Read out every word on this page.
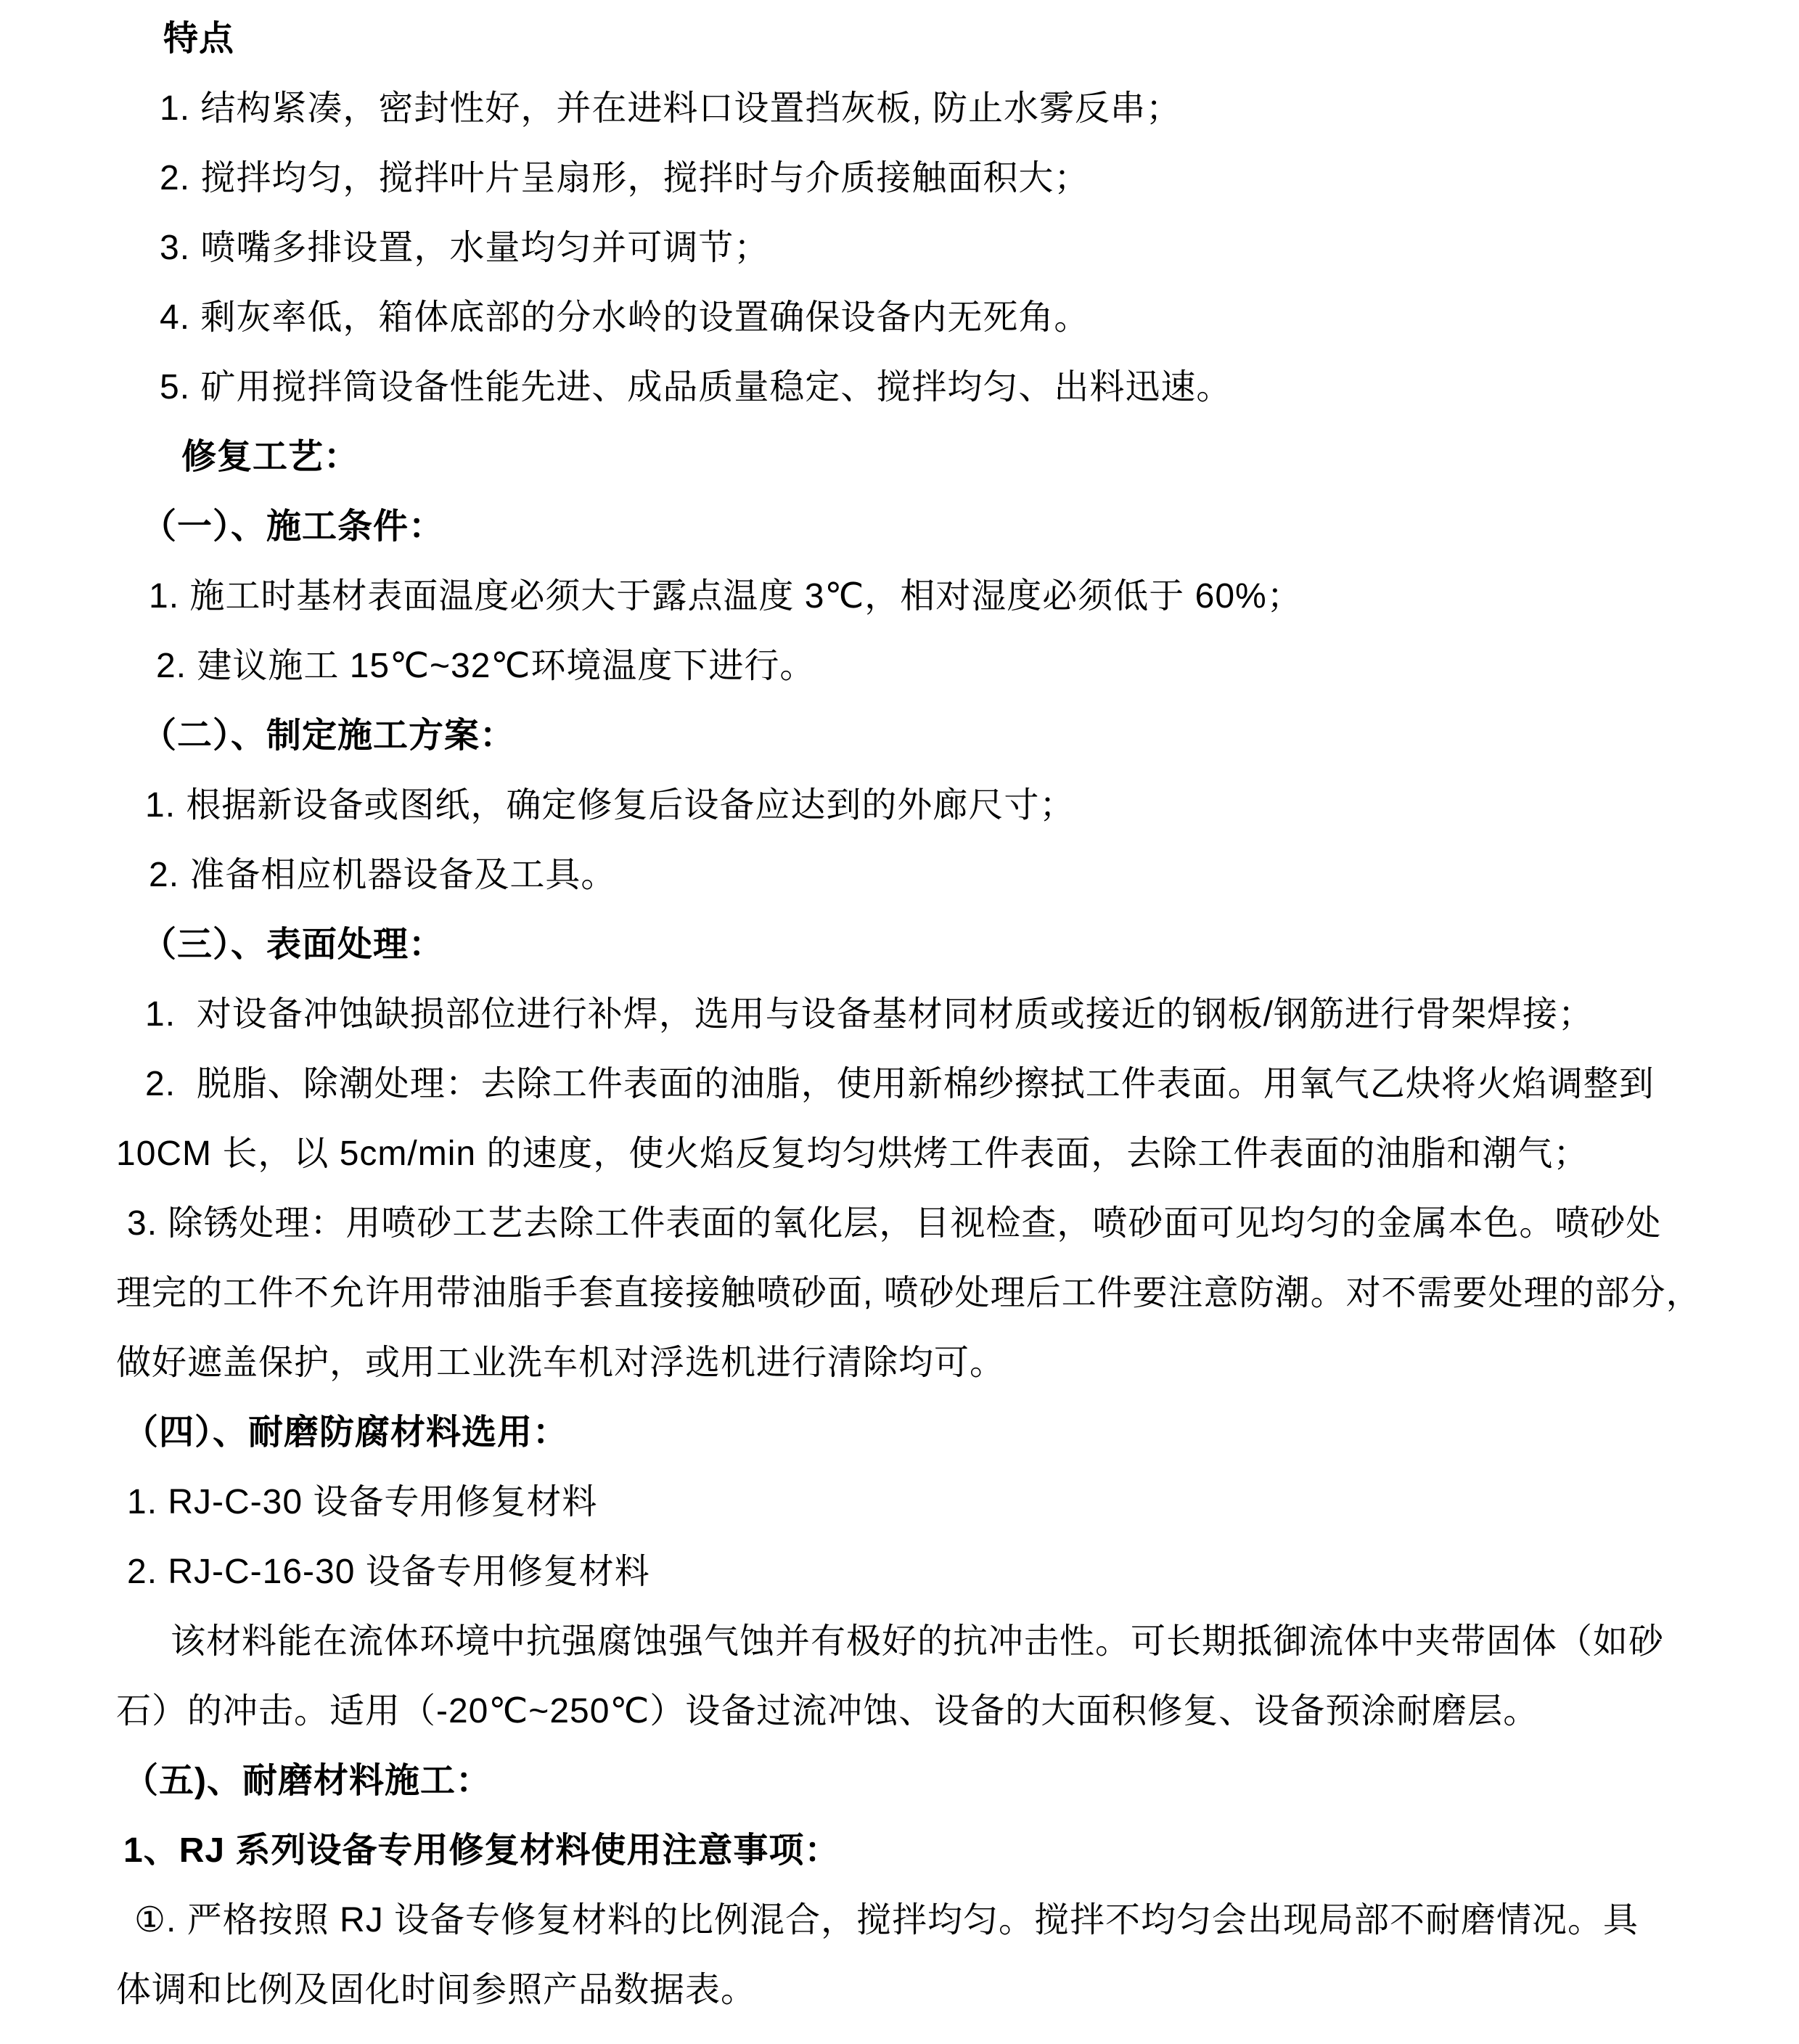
特点

1. 结构紧凑，密封性好，并在进料口设置挡灰板, 防止水雾反串；

2. 搅拌均匀，搅拌叶片呈扇形，搅拌时与介质接触面积大；

3. 喷嘴多排设置，水量均匀并可调节；

4. 剩灰率低，箱体底部的分水岭的设置确保设备内无死角。

5. 矿用搅拌筒设备性能先进、成品质量稳定、搅拌均匀、出料迅速。

修复工艺：

（一）、施工条件：

1. 施工时基材表面温度必须大于露点温度 3℃，相对湿度必须低于 60%；

2. 建议施工 15℃~32℃环境温度下进行。

（二）、制定施工方案：

1. 根据新设备或图纸，确定修复后设备应达到的外廊尺寸；

2. 准备相应机器设备及工具。

（三）、表面处理：

1.  对设备冲蚀缺损部位进行补焊，选用与设备基材同材质或接近的钢板/钢筋进行骨架焊接；

2.  脱脂、除潮处理：去除工件表面的油脂，使用新棉纱擦拭工件表面。用氧气乙炔将火焰调整到

10CM 长，以 5cm/min 的速度，使火焰反复均匀烘烤工件表面，去除工件表面的油脂和潮气；

3. 除锈处理：用喷砂工艺去除工件表面的氧化层，目视检查，喷砂面可见均匀的金属本色。喷砂处

理完的工件不允许用带油脂手套直接接触喷砂面, 喷砂处理后工件要注意防潮。对不需要处理的部分，

做好遮盖保护，或用工业洗车机对浮选机进行清除均可。

（四）、耐磨防腐材料选用：

1. RJ-C-30 设备专用修复材料

2. RJ-C-16-30 设备专用修复材料

该材料能在流体环境中抗强腐蚀强气蚀并有极好的抗冲击性。可长期抵御流体中夹带固体（如砂

石）的冲击。适用（-20℃~250℃）设备过流冲蚀、设备的大面积修复、设备预涂耐磨层。

（五)、耐磨材料施工：

1、RJ 系列设备专用修复材料使用注意事项：

①. 严格按照 RJ 设备专修复材料的比例混合，搅拌均匀。搅拌不均匀会出现局部不耐磨情况。具

体调和比例及固化时间参照产品数据表。
